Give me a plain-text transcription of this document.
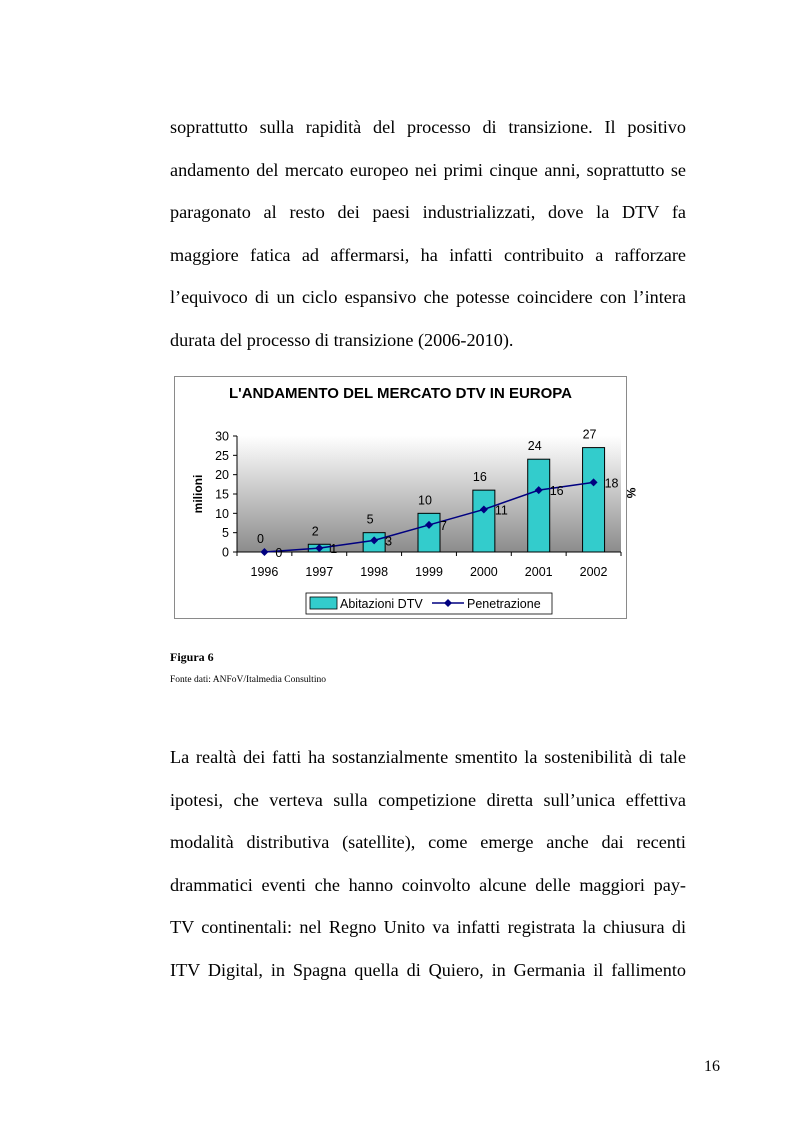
soprattutto sulla rapidità del processo di transizione. Il positivo
andamento del mercato europeo nei primi cinque anni, soprattutto se
paragonato al resto dei paesi industrializzati, dove la DTV fa
maggiore fatica ad affermarsi, ha infatti contribuito a rafforzare
l’equivoco di un ciclo espansivo che potesse coincidere con l’intera
durata del processo di transizione (2006-2010).
L'ANDAMENTO DEL MERCATO DTV IN EUROPA
0
5
10
15
20
25
30
1996 1997 1998 1999 2000 2001 2002
0
2
5
10
16
24
27
0	1
3
7
11
16
18
milioni	%
Abitazioni DTV	Penetrazione
Figura 6
Fonte dati: ANFoV/Italmedia Consultino
La realtà dei fatti ha sostanzialmente smentito la sostenibilità di tale
ipotesi, che verteva sulla competizione diretta sull’unica effettiva
modalità distributiva (satellite), come emerge anche dai recenti
drammatici eventi che hanno coinvolto alcune delle maggiori pay-
TV continentali: nel Regno Unito va infatti registrata la chiusura di
ITV Digital, in Spagna quella di Quiero, in Germania il fallimento
16
